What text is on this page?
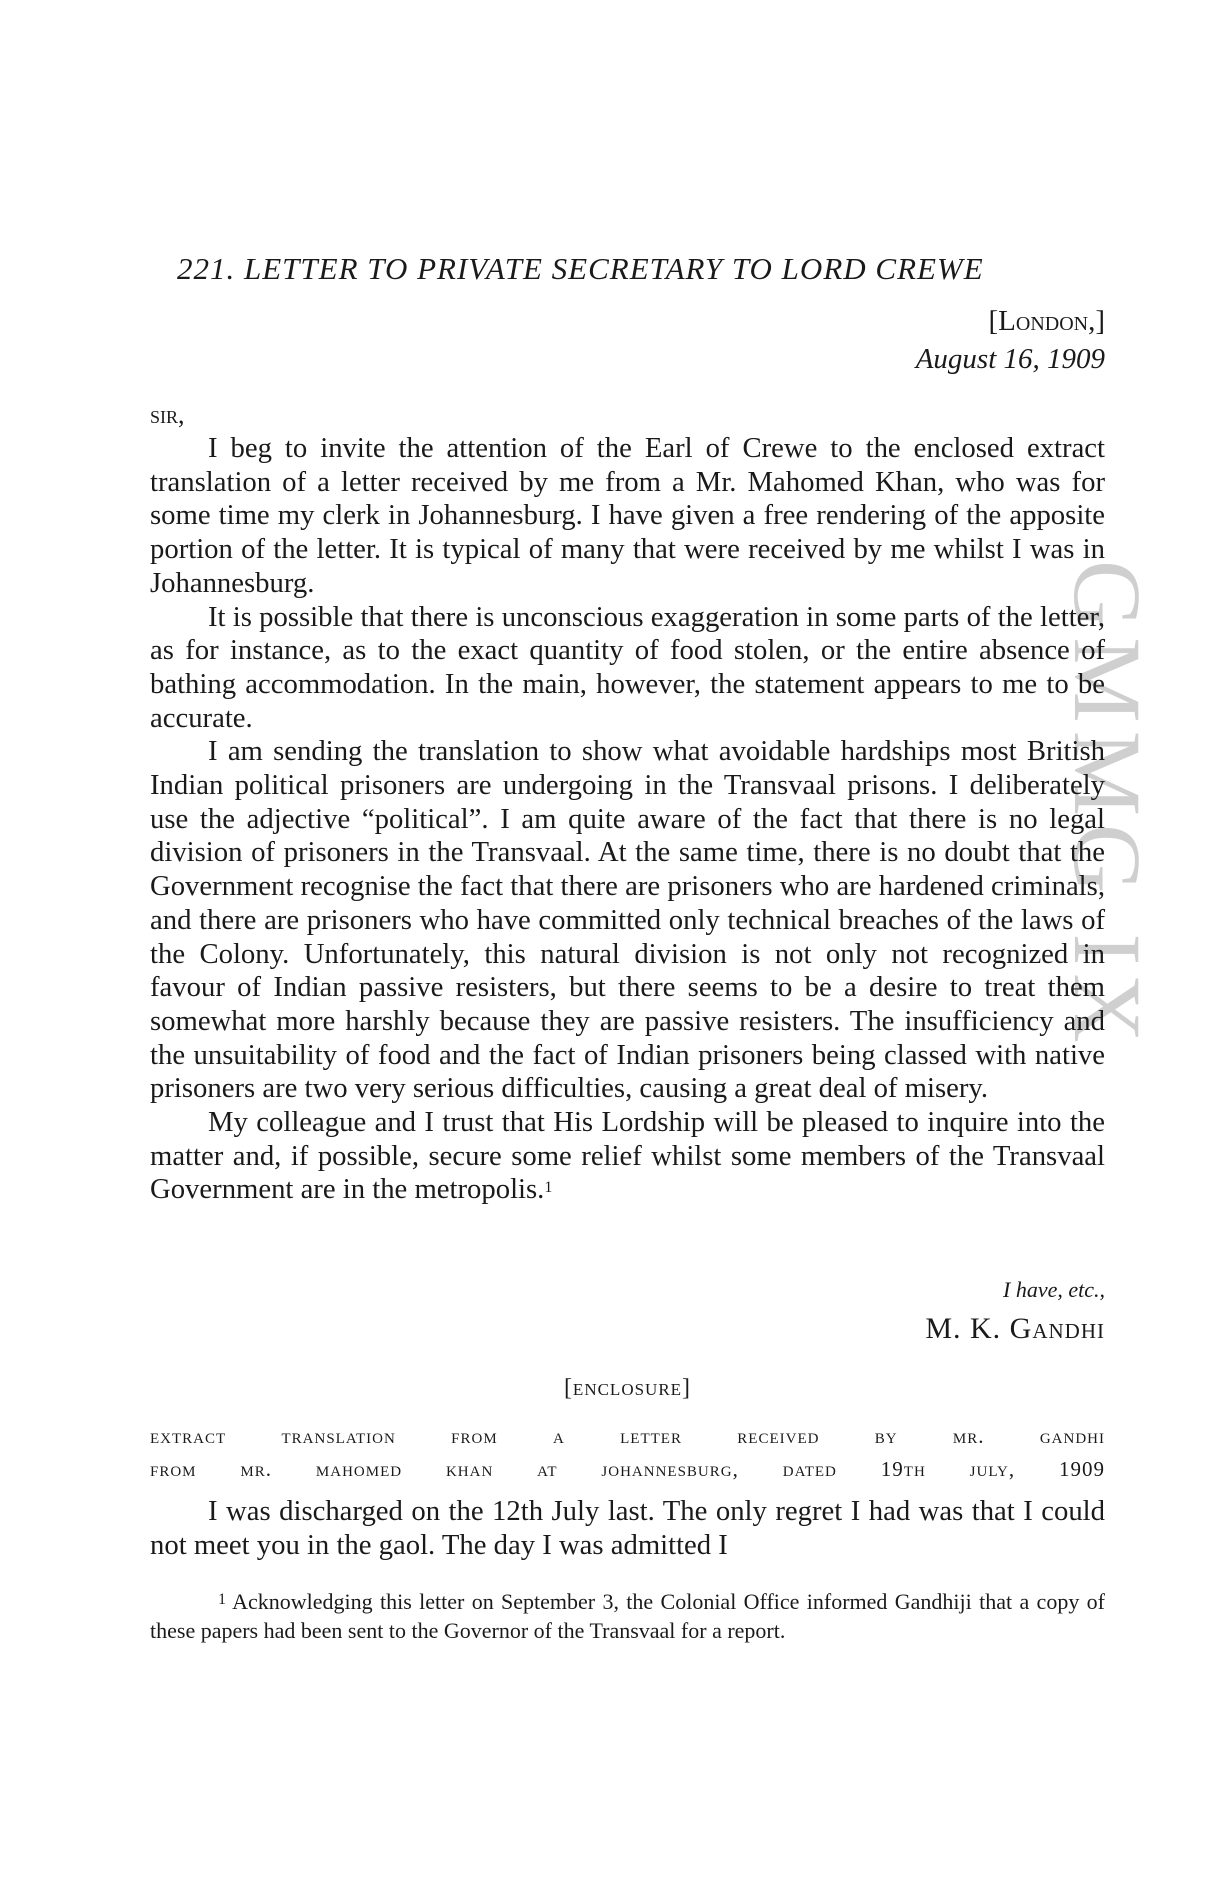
GMMG IX
221. LETTER TO PRIVATE SECRETARY TO LORD CREWE
[London,]
August 16, 1909
sir,

I beg to invite the attention of the Earl of Crewe to the enclosed extract translation of a letter received by me from a Mr. Mahomed Khan, who was for some time my clerk in Johannesburg. I have given a free rendering of the apposite portion of the letter. It is typical of many that were received by me whilst I was in Johannesburg.

It is possible that there is unconscious exaggeration in some parts of the letter, as for instance, as to the exact quantity of food stolen, or the entire absence of bathing accommodation. In the main, however, the statement appears to me to be accurate.

I am sending the translation to show what avoidable hardships most British Indian political prisoners are undergoing in the Transvaal prisons. I deliberately use the adjective “political”. I am quite aware of the fact that there is no legal division of prisoners in the Transvaal. At the same time, there is no doubt that the Government recognise the fact that there are prisoners who are hardened criminals, and there are prisoners who have committed only technical breaches of the laws of the Colony. Unfortunately, this natural division is not only not recognized in favour of Indian passive resisters, but there seems to be a desire to treat them somewhat more harshly because they are passive resisters. The insufficiency and the unsuitability of food and the fact of Indian prisoners being classed with native prisoners are two very serious difficulties, causing a great deal of misery.

My colleague and I trust that His Lordship will be pleased to inquire into the matter and, if possible, secure some relief whilst some members of the Transvaal Government are in the metropolis.$^1$

I have, etc.,
M. K. Gandhi
[enclosure]
extract translation from a letter received by mr. gandhi
from mr. mahomed khan at johannesburg, dated 19th july, 1909

I was discharged on the 12th July last. The only regret I had was that I could not meet you in the gaol. The day I was admitted I

$^1$ Acknowledging this letter on September 3, the Colonial Office informed Gandhiji that a copy of these papers had been sent to the Governor of the Transvaal for a report.
